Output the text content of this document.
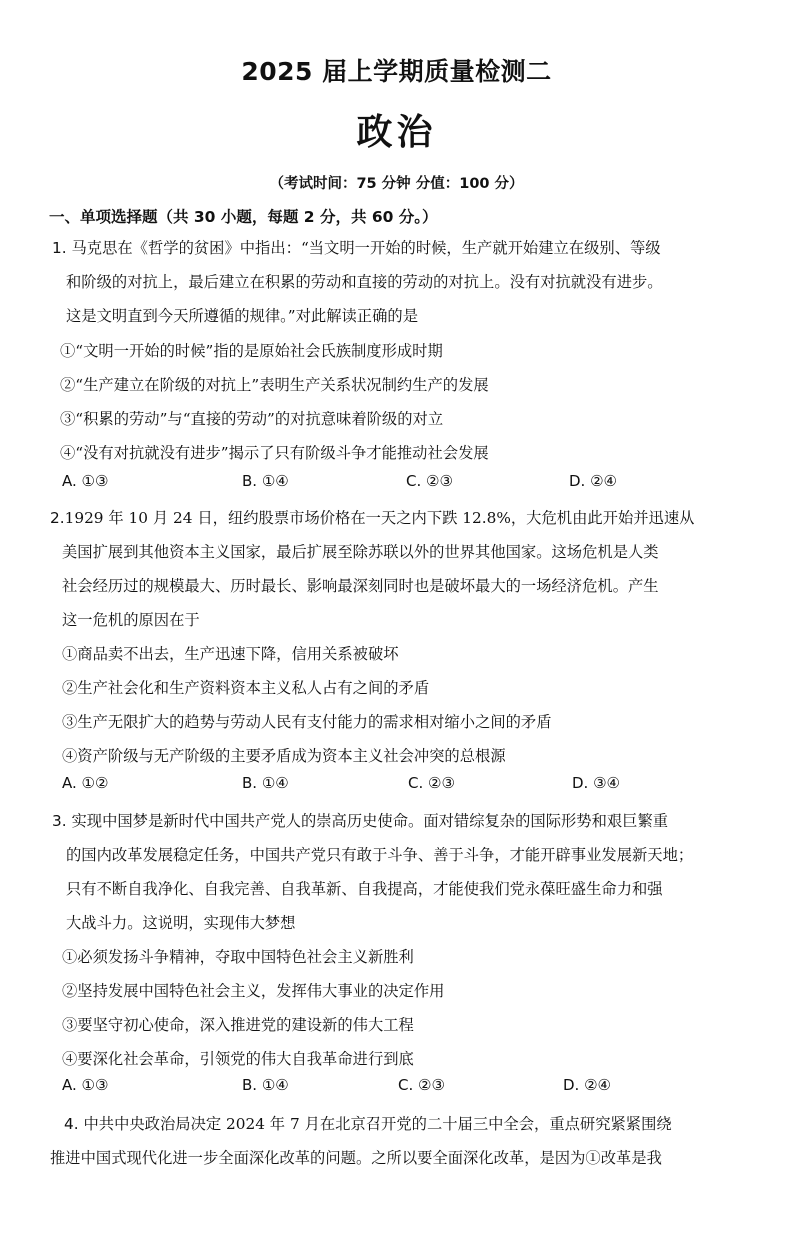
2025 届上学期质量检测二
政治
（考试时间：75 分钟 分值：100 分）
一、单项选择题（共 30 小题，每题 2 分，共 60 分。）
1. 马克思在《哲学的贫困》中指出：“当文明一开始的时候，生产就开始建立在级别、等级
和阶级的对抗上，最后建立在积累的劳动和直接的劳动的对抗上。没有对抗就没有进步。
这是文明直到今天所遵循的规律。”对此解读正确的是
①“文明一开始的时候”指的是原始社会氏族制度形成时期
②“生产建立在阶级的对抗上”表明生产关系状况制约生产的发展
③“积累的劳动”与“直接的劳动”的对抗意味着阶级的对立
④“没有对抗就没有进步”揭示了只有阶级斗争才能推动社会发展
A. ①③	B. ①④	C. ②③	D. ②④
2.1929 年 10 月 24 日，纽约股票市场价格在一天之内下跌 12.8%，大危机由此开始并迅速从
美国扩展到其他资本主义国家，最后扩展至除苏联以外的世界其他国家。这场危机是人类
社会经历过的规模最大、历时最长、影响最深刻同时也是破坏最大的一场经济危机。产生
这一危机的原因在于
①商品卖不出去，生产迅速下降，信用关系被破坏
②生产社会化和生产资料资本主义私人占有之间的矛盾
③生产无限扩大的趋势与劳动人民有支付能力的需求相对缩小之间的矛盾
④资产阶级与无产阶级的主要矛盾成为资本主义社会冲突的总根源
A. ①②	B. ①④	C. ②③	D. ③④
3. 实现中国梦是新时代中国共产党人的崇高历史使命。面对错综复杂的国际形势和艰巨繁重
的国内改革发展稳定任务，中国共产党只有敢于斗争、善于斗争，才能开辟事业发展新天地；
只有不断自我净化、自我完善、自我革新、自我提高，才能使我们党永葆旺盛生命力和强
大战斗力。这说明，实现伟大梦想
①必须发扬斗争精神，夺取中国特色社会主义新胜利
②坚持发展中国特色社会主义，发挥伟大事业的决定作用
③要坚守初心使命，深入推进党的建设新的伟大工程
④要深化社会革命，引领党的伟大自我革命进行到底
A. ①③	B. ①④	C. ②③	D. ②④
4. 中共中央政治局决定 2024 年 7 月在北京召开党的二十届三中全会，重点研究紧紧围绕
推进中国式现代化进一步全面深化改革的问题。之所以要全面深化改革，是因为①改革是我
